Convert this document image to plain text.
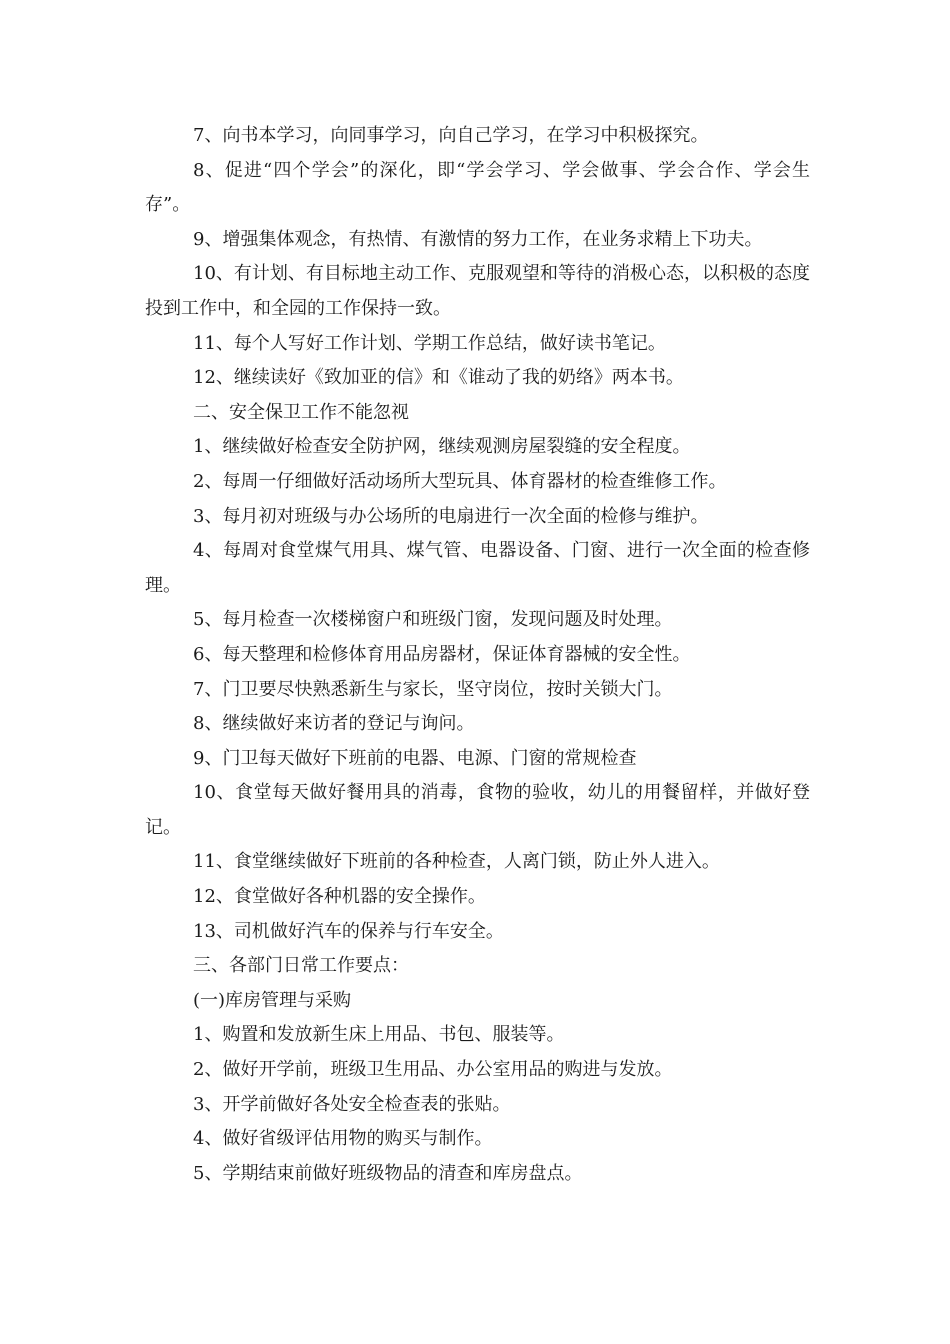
7、向书本学习，向同事学习，向自己学习，在学习中积极探究。

8、促进“四个学会”的深化，即“学会学习、学会做事、学会合作、学会生存”。

9、增强集体观念，有热情、有激情的努力工作，在业务求精上下功夫。

10、有计划、有目标地主动工作、克服观望和等待的消极心态，以积极的态度投到工作中，和全园的工作保持一致。

11、每个人写好工作计划、学期工作总结，做好读书笔记。

12、继续读好《致加亚的信》和《谁动了我的奶络》两本书。

二、安全保卫工作不能忽视

1、继续做好检查安全防护网，继续观测房屋裂缝的安全程度。

2、每周一仔细做好活动场所大型玩具、体育器材的检查维修工作。

3、每月初对班级与办公场所的电扇进行一次全面的检修与维护。

4、每周对食堂煤气用具、煤气管、电器设备、门窗、进行一次全面的检查修理。

5、每月检查一次楼梯窗户和班级门窗，发现问题及时处理。

6、每天整理和检修体育用品房器材，保证体育器械的安全性。

7、门卫要尽快熟悉新生与家长，坚守岗位，按时关锁大门。

8、继续做好来访者的登记与询问。

9、门卫每天做好下班前的电器、电源、门窗的常规检查

10、食堂每天做好餐用具的消毒，食物的验收，幼儿的用餐留样，并做好登记。

11、食堂继续做好下班前的各种检查，人离门锁，防止外人进入。

12、食堂做好各种机器的安全操作。

13、司机做好汽车的保养与行车安全。

三、各部门日常工作要点：

(一)库房管理与采购

1、购置和发放新生床上用品、书包、服装等。

2、做好开学前，班级卫生用品、办公室用品的购进与发放。

3、开学前做好各处安全检查表的张贴。

4、做好省级评估用物的购买与制作。

5、学期结束前做好班级物品的清查和库房盘点。
